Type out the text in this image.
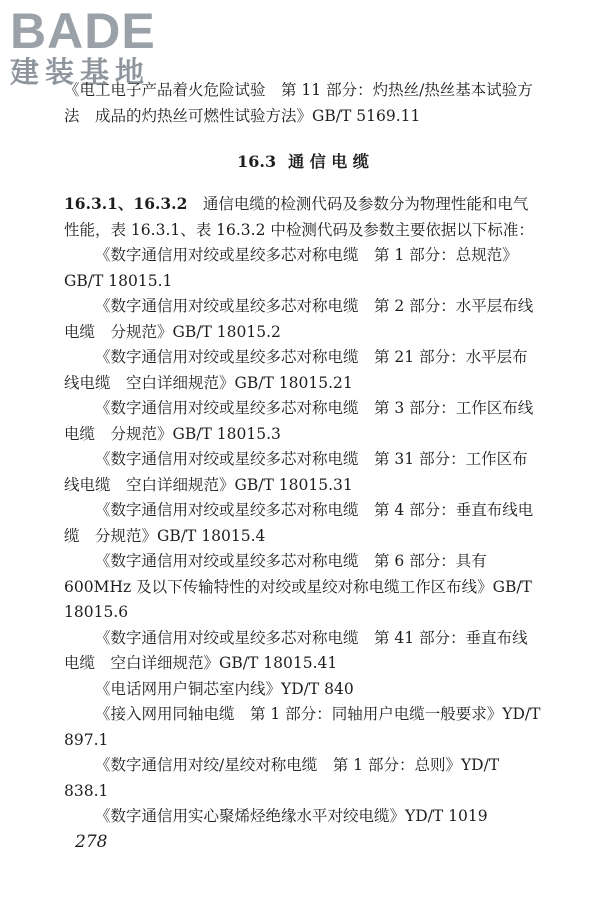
BADE
建装基地
《电工电子产品着火危险试验　第 11 部分：灼热丝/热丝基本试验方法　成品的灼热丝可燃性试验方法》GB/T 5169.11
16.3 通 信 电 缆
16.3.1、16.3.2　 通信电缆的检测代码及参数分为物理性能和电气性能，表 16.3.1、表 16.3.2 中检测代码及参数主要依据以下标准：
《数字通信用对绞或星绞多芯对称电缆　第 1 部分：总规范》GB/T 18015.1
《数字通信用对绞或星绞多芯对称电缆　第 2 部分：水平层布线电缆　分规范》GB/T 18015.2
《数字通信用对绞或星绞多芯对称电缆　第 21 部分：水平层布线电缆　空白详细规范》GB/T 18015.21
《数字通信用对绞或星绞多芯对称电缆　第 3 部分：工作区布线电缆　分规范》GB/T 18015.3
《数字通信用对绞或星绞多芯对称电缆　第 31 部分：工作区布线电缆　空白详细规范》GB/T 18015.31
《数字通信用对绞或星绞多芯对称电缆　第 4 部分：垂直布线电缆　分规范》GB/T 18015.4
《数字通信用对绞或星绞多芯对称电缆　第 6 部分：具有 600MHz 及以下传输特性的对绞或星绞对称电缆工作区布线》GB/T 18015.6
《数字通信用对绞或星绞多芯对称电缆　第 41 部分：垂直布线电缆　空白详细规范》GB/T 18015.41
《电话网用户铜芯室内线》YD/T 840
《接入网用同轴电缆　第 1 部分：同轴用户电缆一般要求》YD/T 897.1
《数字通信用对绞/星绞对称电缆　第 1 部分：总则》YD/T 838.1
《数字通信用实心聚烯烃绝缘水平对绞电缆》YD/T 1019
278
